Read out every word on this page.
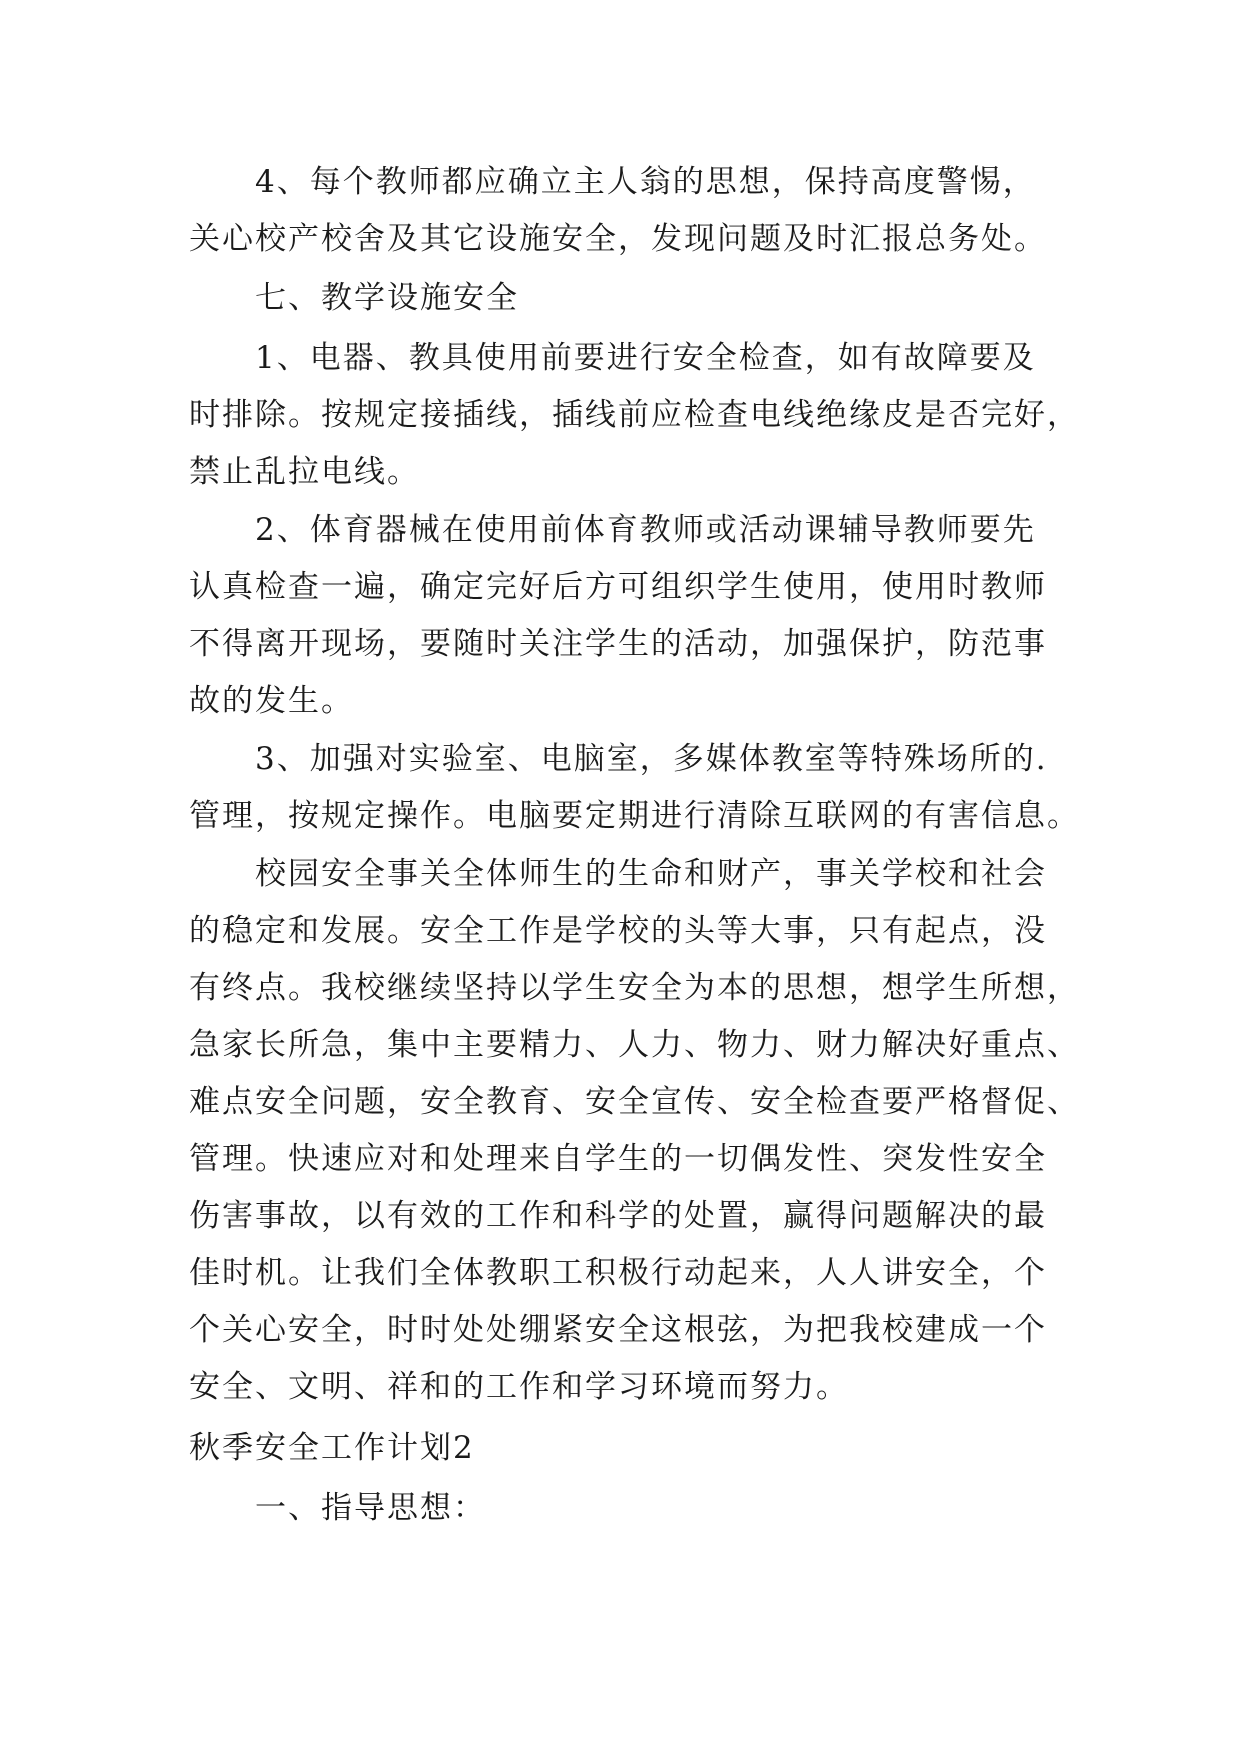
4、每个教师都应确立主人翁的思想，保持高度警惕，
关心校产校舍及其它设施安全，发现问题及时汇报总务处。
七、教学设施安全
1、电器、教具使用前要进行安全检查，如有故障要及
时排除。按规定接插线，插线前应检查电线绝缘皮是否完好，
禁止乱拉电线。
2、体育器械在使用前体育教师或活动课辅导教师要先
认真检查一遍，确定完好后方可组织学生使用，使用时教师
不得离开现场，要随时关注学生的活动，加强保护，防范事
故的发生。
3、加强对实验室、电脑室，多媒体教室等特殊场所的.
管理，按规定操作。电脑要定期进行清除互联网的有害信息。
校园安全事关全体师生的生命和财产，事关学校和社会
的稳定和发展。安全工作是学校的头等大事，只有起点，没
有终点。我校继续坚持以学生安全为本的思想，想学生所想，
急家长所急，集中主要精力、人力、物力、财力解决好重点、
难点安全问题，安全教育、安全宣传、安全检查要严格督促、
管理。快速应对和处理来自学生的一切偶发性、突发性安全
伤害事故，以有效的工作和科学的处置，赢得问题解决的最
佳时机。让我们全体教职工积极行动起来，人人讲安全，个
个关心安全，时时处处绷紧安全这根弦，为把我校建成一个
安全、文明、祥和的工作和学习环境而努力。
秋季安全工作计划2
一、指导思想：
